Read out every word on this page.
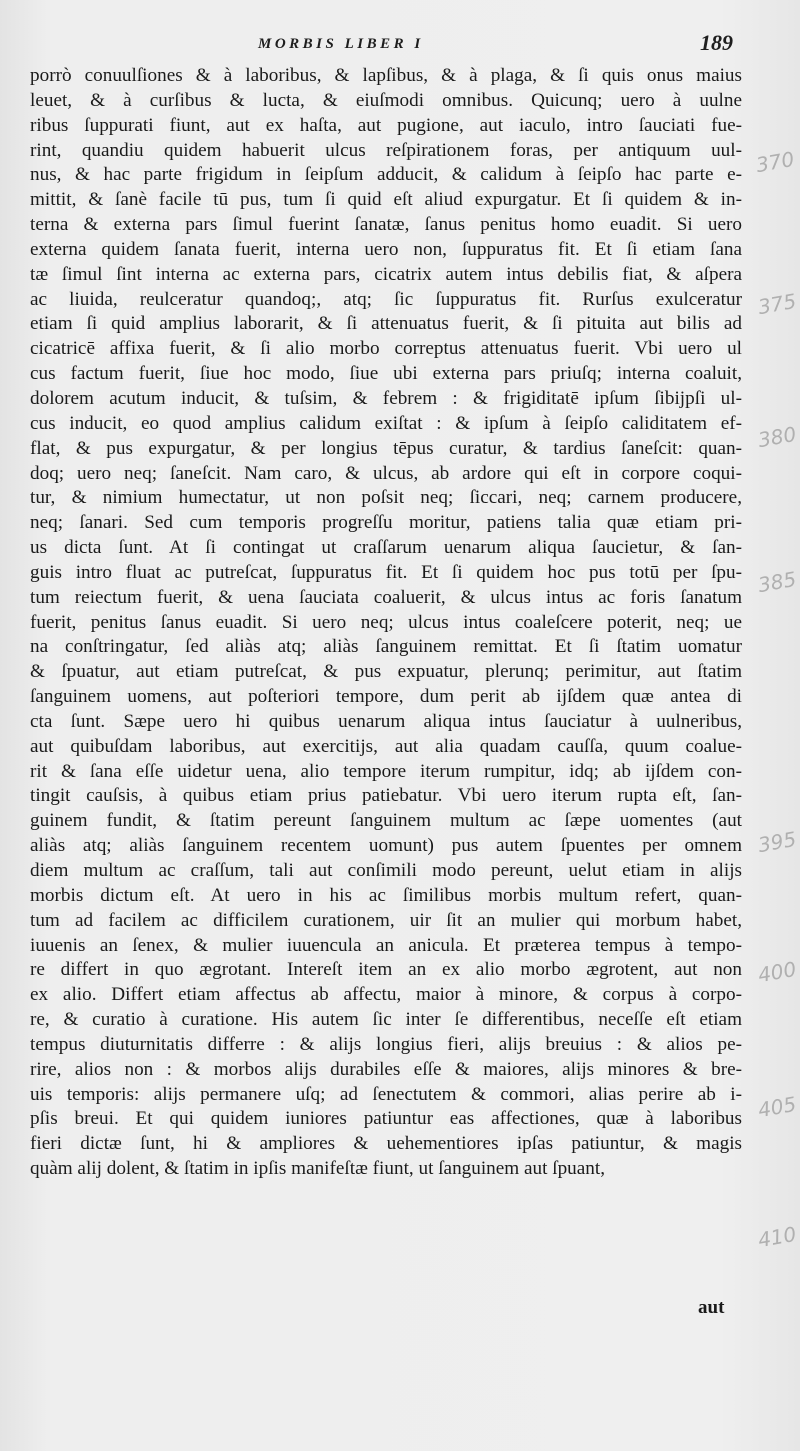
MORBIS LIBER I	189
porrò conuulſiones & à laboribus, & lapſibus, & à plaga, & ſi quis onus maius
leuet, & à curſibus & lucta, & eiuſmodi omnibus. Quicunq; uero à uulne
ribus ſuppurati fiunt, aut ex haſta, aut pugione, aut iaculo, intro ſauciati fue-
rint, quandiu quidem habuerit ulcus reſpirationem foras, per antiquum uul-
nus, & hac parte frigidum in ſeipſum adducit, & calidum à ſeipſo hac parte e-
mittit, & ſanè facile tū pus, tum ſi quid eſt aliud expurgatur. Et ſi quidem & in-
terna & externa pars ſimul fuerint ſanatæ, ſanus penitus homo euadit. Si uero
externa quidem ſanata fuerit, interna uero non, ſuppuratus fit. Et ſi etiam ſana
tæ ſimul ſint interna ac externa pars, cicatrix autem intus debilis fiat, & aſpera
ac liuida, reulceratur quandoq;, atq; ſic ſuppuratus fit. Rurſus exulceratur
etiam ſi quid amplius laborarit, & ſi attenuatus fuerit, & ſi pituita aut bilis ad
cicatricē affixa fuerit, & ſi alio morbo correptus attenuatus fuerit. Vbi uero ul
cus factum fuerit, ſiue hoc modo, ſiue ubi externa pars priuſq; interna coaluit,
dolorem acutum inducit, & tuſsim, & febrem : & frigiditatē ipſum ſibijpſi ul-
cus inducit, eo quod amplius calidum exiſtat : & ipſum à ſeipſo caliditatem ef-
flat, & pus expurgatur, & per longius tēpus curatur, & tardius ſaneſcit: quan-
doq; uero neq; ſaneſcit. Nam caro, & ulcus, ab ardore qui eſt in corpore coqui-
tur, & nimium humectatur, ut non poſsit neq; ſiccari, neq; carnem producere,
neq; ſanari. Sed cum temporis progreſſu moritur, patiens talia quæ etiam pri-
us dicta ſunt. At ſi contingat ut craſſarum uenarum aliqua ſaucietur, & ſan-
guis intro fluat ac putreſcat, ſuppuratus fit. Et ſi quidem hoc pus totū per ſpu-
tum reiectum fuerit, & uena ſauciata coaluerit, & ulcus intus ac foris ſanatum
fuerit, penitus ſanus euadit. Si uero neq; ulcus intus coaleſcere poterit, neq; ue
na conſtringatur, ſed aliàs atq; aliàs ſanguinem remittat. Et ſi ſtatim uomatur
& ſpuatur, aut etiam putreſcat, & pus expuatur, plerunq; perimitur, aut ſtatim
ſanguinem uomens, aut poſteriori tempore, dum perit ab ijſdem quæ antea di
cta ſunt. Sæpe uero hi quibus uenarum aliqua intus ſauciatur à uulneribus,
aut quibuſdam laboribus, aut exercitijs, aut alia quadam cauſſa, quum coalue-
rit & ſana eſſe uidetur uena, alio tempore iterum rumpitur, idq; ab ijſdem con-
tingit cauſsis, à quibus etiam prius patiebatur. Vbi uero iterum rupta eſt, ſan-
guinem fundit, & ſtatim pereunt ſanguinem multum ac ſæpe uomentes (aut
aliàs atq; aliàs ſanguinem recentem uomunt) pus autem ſpuentes per omnem
diem multum ac craſſum, tali aut conſimili modo pereunt, uelut etiam in alijs
morbis dictum eſt. At uero in his ac ſimilibus morbis multum refert, quan-
tum ad facilem ac difficilem curationem, uir ſit an mulier qui morbum habet,
iuuenis an ſenex, & mulier iuuencula an anicula. Et præterea tempus à tempo-
re differt in quo ægrotant. Intereſt item an ex alio morbo ægrotent, aut non
ex alio. Differt etiam affectus ab affectu, maior à minore, & corpus à corpo-
re, & curatio à curatione. His autem ſic inter ſe differentibus, neceſſe eſt etiam
tempus diuturnitatis differre : & alijs longius fieri, alijs breuius : & alios pe-
rire, alios non : & morbos alijs durabiles eſſe & maiores, alijs minores & bre-
uis temporis: alijs permanere uſq; ad ſenectutem & commori, alias perire ab i-
pſis breui. Et qui quidem iuniores patiuntur eas affectiones, quæ à laboribus
fieri dictæ ſunt, hi & ampliores & uehementiores ipſas patiuntur, & magis
quàm alij dolent, & ſtatim in ipſis manifeſtæ fiunt, ut ſanguinem aut ſpuant,
aut
370
375
380
385
395
400
405
410
